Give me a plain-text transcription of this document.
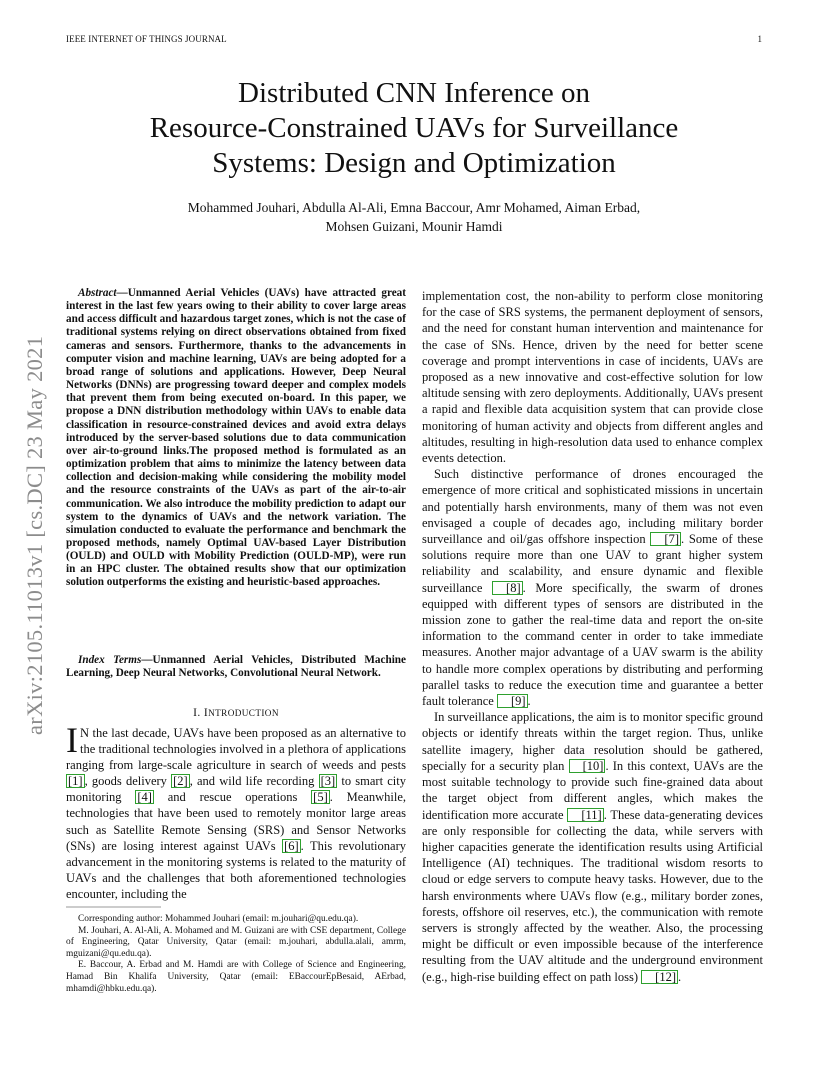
IEEE INTERNET OF THINGS JOURNAL	1
arXiv:2105.11013v1 [cs.DC] 23 May 2021
Distributed CNN Inference on
Resource-Constrained UAVs for Surveillance
Systems: Design and Optimization
Mohammed Jouhari, Abdulla Al-Ali, Emna Baccour, Amr Mohamed, Aiman Erbad,
Mohsen Guizani, Mounir Hamdi
Abstract—Unmanned Aerial Vehicles (UAVs) have attracted great interest in the last few years owing to their ability to cover large areas and access difficult and hazardous target zones, which is not the case of traditional systems relying on direct observations obtained from fixed cameras and sensors. Furthermore, thanks to the advancements in computer vision and machine learning, UAVs are being adopted for a broad range of solutions and applications. However, Deep Neural Networks (DNNs) are progressing toward deeper and complex models that prevent them from being executed on-board. In this paper, we propose a DNN distribution methodology within UAVs to enable data classification in resource-constrained devices and avoid extra delays introduced by the server-based solutions due to data communication over air-to-ground links.The proposed method is formulated as an optimization problem that aims to minimize the latency between data collection and decision-making while considering the mobility model and the resource constraints of the UAVs as part of the air-to-air communication. We also introduce the mobility prediction to adapt our system to the dynamics of UAVs and the network variation. The simulation conducted to evaluate the performance and benchmark the proposed methods, namely Optimal UAV-based Layer Distribution (OULD) and OULD with Mobility Prediction (OULD-MP), were run in an HPC cluster. The obtained results show that our optimization solution outperforms the existing and heuristic-based approaches.
Index Terms—Unmanned Aerial Vehicles, Distributed Machine Learning, Deep Neural Networks, Convolutional Neural Network.
I. INTRODUCTION
I N the last decade, UAVs have been proposed as an alternative to the traditional technologies involved in a plethora of applications ranging from large-scale agriculture in search of weeds and pests [1] , goods delivery [2] , and wild life recording [3] to smart city monitoring [4] and rescue operations [5] . Meanwhile, technologies that have been used to remotely monitor large areas such as Satellite Remote Sensing (SRS) and Sensor Networks (SNs) are losing interest against UAVs [6] . This revolutionary advancement in the monitoring systems is related to the maturity of UAVs and the challenges that both aforementioned technologies encounter, including the

Corresponding author: Mohammed Jouhari (email: m.jouhari@qu.edu.qa).

M. Jouhari, A. Al-Ali, A. Mohamed and M. Guizani are with CSE department, College of Engineering, Qatar University, Qatar (email: m.jouhari, abdulla.alali, amrm, mguizani@qu.edu.qa).

E. Baccour, A. Erbad and M. Hamdi are with College of Science and Engineering, Hamad Bin Khalifa University, Qatar (email: EBaccourEpBesaid, AErbad, mhamdi@hbku.edu.qa).

implementation cost, the non-ability to perform close monitoring for the case of SRS systems, the permanent deployment of sensors, and the need for constant human intervention and maintenance for the case of SNs. Hence, driven by the need for better scene coverage and prompt interventions in case of incidents, UAVs are proposed as a new innovative and cost-effective solution for low altitude sensing with zero deployments. Additionally, UAVs present a rapid and flexible data acquisition system that can provide close monitoring of human activity and objects from different angles and altitudes, resulting in high-resolution data used to enhance complex events detection.

Such distinctive performance of drones encouraged the emergence of more critical and sophisticated missions in uncertain and potentially harsh environments, many of them was not even envisaged a couple of decades ago, including military border surveillance and oil/gas offshore inspection [7] . Some of these solutions require more than one UAV to grant higher system reliability and scalability, and ensure dynamic and flexible surveillance [8] . More specifically, the swarm of drones equipped with different types of sensors are distributed in the mission zone to gather the real-time data and report the on-site information to the command center in order to take immediate measures. Another major advantage of a UAV swarm is the ability to handle more complex operations by distributing and performing parallel tasks to reduce the execution time and guarantee a better fault tolerance [9] .

In surveillance applications, the aim is to monitor specific ground objects or identify threats within the target region. Thus, unlike satellite imagery, higher data resolution should be gathered, specially for a security plan [10] . In this context, UAVs are the most suitable technology to provide such fine-grained data about the target object from different angles, which makes the identification more accurate [11] . These data-generating devices are only responsible for collecting the data, while servers with higher capacities generate the identification results using Artificial Intelligence (AI) techniques. The traditional wisdom resorts to cloud or edge servers to compute heavy tasks. However, due to the harsh environments where UAVs flow (e.g., military border zones, forests, offshore oil reserves, etc.), the communication with remote servers is strongly affected by the weather. Also, the processing might be difficult or even impossible because of the interference resulting from the UAV altitude and the underground environment (e.g., high-rise building effect on path loss) [12] .
